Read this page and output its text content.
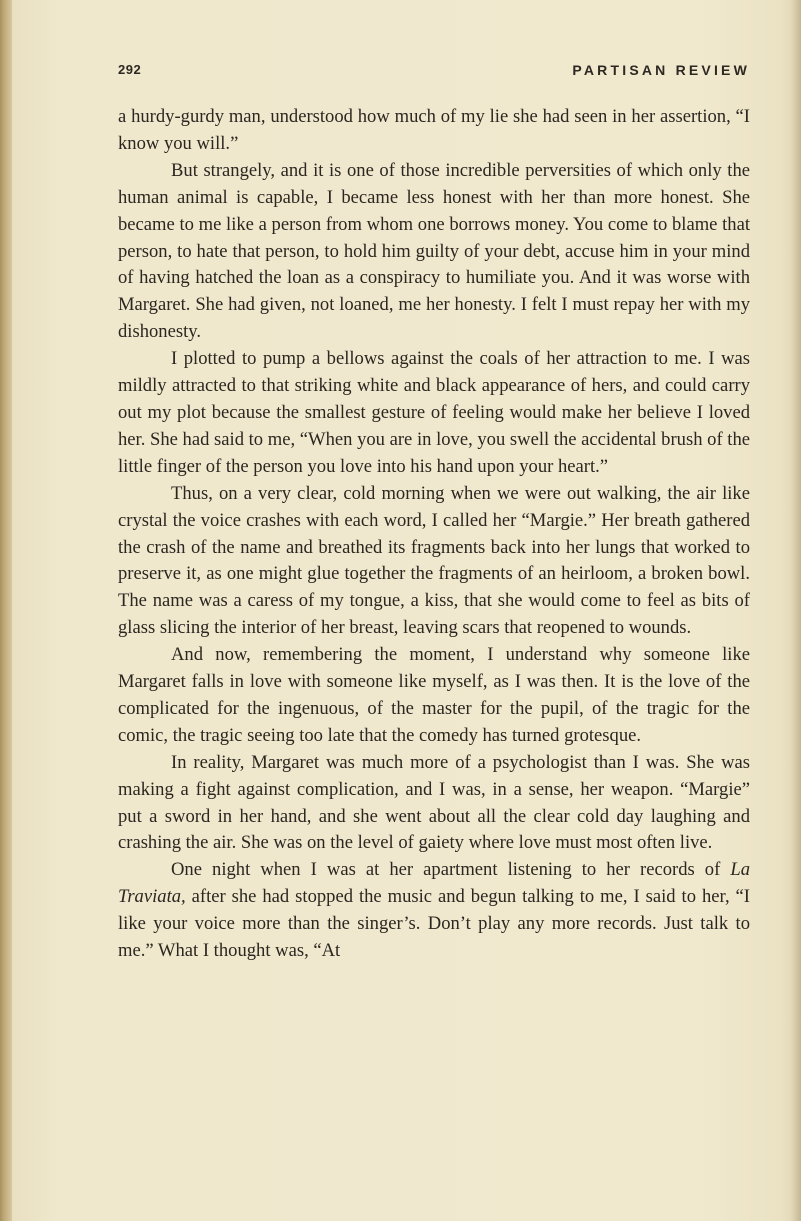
292	PARTISAN REVIEW

a hurdy-gurdy man, understood how much of my lie she had seen in her assertion, “I know you will.”

But strangely, and it is one of those incredible perversities of which only the human animal is capable, I became less honest with her than more honest. She became to me like a person from whom one borrows money. You come to blame that person, to hate that person, to hold him guilty of your debt, accuse him in your mind of having hatched the loan as a conspiracy to humiliate you. And it was worse with Margaret. She had given, not loaned, me her honesty. I felt I must repay her with my dishonesty.

I plotted to pump a bellows against the coals of her attraction to me. I was mildly attracted to that striking white and black appearance of hers, and could carry out my plot because the smallest gesture of feeling would make her believe I loved her. She had said to me, “When you are in love, you swell the accidental brush of the little finger of the person you love into his hand upon your heart.”

Thus, on a very clear, cold morning when we were out walking, the air like crystal the voice crashes with each word, I called her “Margie.” Her breath gathered the crash of the name and breathed its fragments back into her lungs that worked to preserve it, as one might glue together the fragments of an heirloom, a broken bowl. The name was a caress of my tongue, a kiss, that she would come to feel as bits of glass slicing the interior of her breast, leaving scars that reopened to wounds.

And now, remembering the moment, I understand why someone like Margaret falls in love with someone like myself, as I was then. It is the love of the complicated for the ingenuous, of the master for the pupil, of the tragic for the comic, the tragic seeing too late that the comedy has turned grotesque.

In reality, Margaret was much more of a psychologist than I was. She was making a fight against complication, and I was, in a sense, her weapon. “Margie” put a sword in her hand, and she went about all the clear cold day laughing and crashing the air. She was on the level of gaiety where love must most often live.

One night when I was at her apartment listening to her records of La Traviata, after she had stopped the music and begun talking to me, I said to her, “I like your voice more than the singer’s. Don’t play any more records. Just talk to me.” What I thought was, “At
